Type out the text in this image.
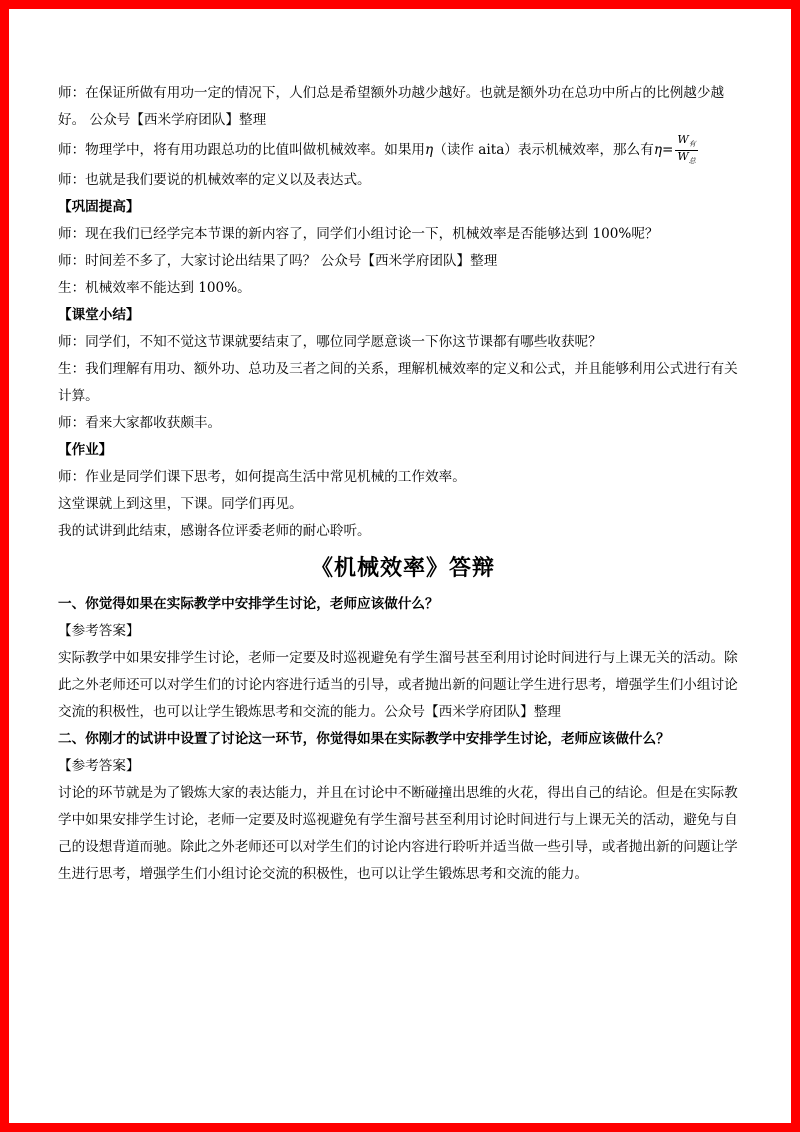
师：在保证所做有用功一定的情况下，人们总是希望额外功越少越好。也就是额外功在总功中所占的比例越少越好。 公众号【西米学府团队】整理

师：物理学中，将有用功跟总功的比值叫做机械效率。如果用η（读作 aita）表示机械效率，那么有$\eta= \frac{W_有}{W_总}$

师：也就是我们要说的机械效率的定义以及表达式。

【巩固提高】

师：现在我们已经学完本节课的新内容了，同学们小组讨论一下，机械效率是否能够达到 100%呢？

师：时间差不多了，大家讨论出结果了吗？ 公众号【西米学府团队】整理

生：机械效率不能达到 100%。

【课堂小结】

师：同学们，不知不觉这节课就要结束了，哪位同学愿意谈一下你这节课都有哪些收获呢？

生：我们理解有用功、额外功、总功及三者之间的关系，理解机械效率的定义和公式，并且能够利用公式进行有关计算。

师：看来大家都收获颇丰。

【作业】

师：作业是同学们课下思考，如何提高生活中常见机械的工作效率。

这堂课就上到这里，下课。同学们再见。

我的试讲到此结束，感谢各位评委老师的耐心聆听。

《机械效率》答辩

一、你觉得如果在实际教学中安排学生讨论，老师应该做什么？

【参考答案】

实际教学中如果安排学生讨论，老师一定要及时巡视避免有学生溜号甚至利用讨论时间进行与上课无关的活动。除此之外老师还可以对学生们的讨论内容进行适当的引导，或者抛出新的问题让学生进行思考，增强学生们小组讨论交流的积极性，也可以让学生锻炼思考和交流的能力。公众号【西米学府团队】整理

二、你刚才的试讲中设置了讨论这一环节，你觉得如果在实际教学中安排学生讨论，老师应该做什么？

【参考答案】

讨论的环节就是为了锻炼大家的表达能力，并且在讨论中不断碰撞出思维的火花，得出自己的结论。但是在实际教学中如果安排学生讨论，老师一定要及时巡视避免有学生溜号甚至利用讨论时间进行与上课无关的活动，避免与自己的设想背道而驰。除此之外老师还可以对学生们的讨论内容进行聆听并适当做一些引导，或者抛出新的问题让学生进行思考，增强学生们小组讨论交流的积极性，也可以让学生锻炼思考和交流的能力。
